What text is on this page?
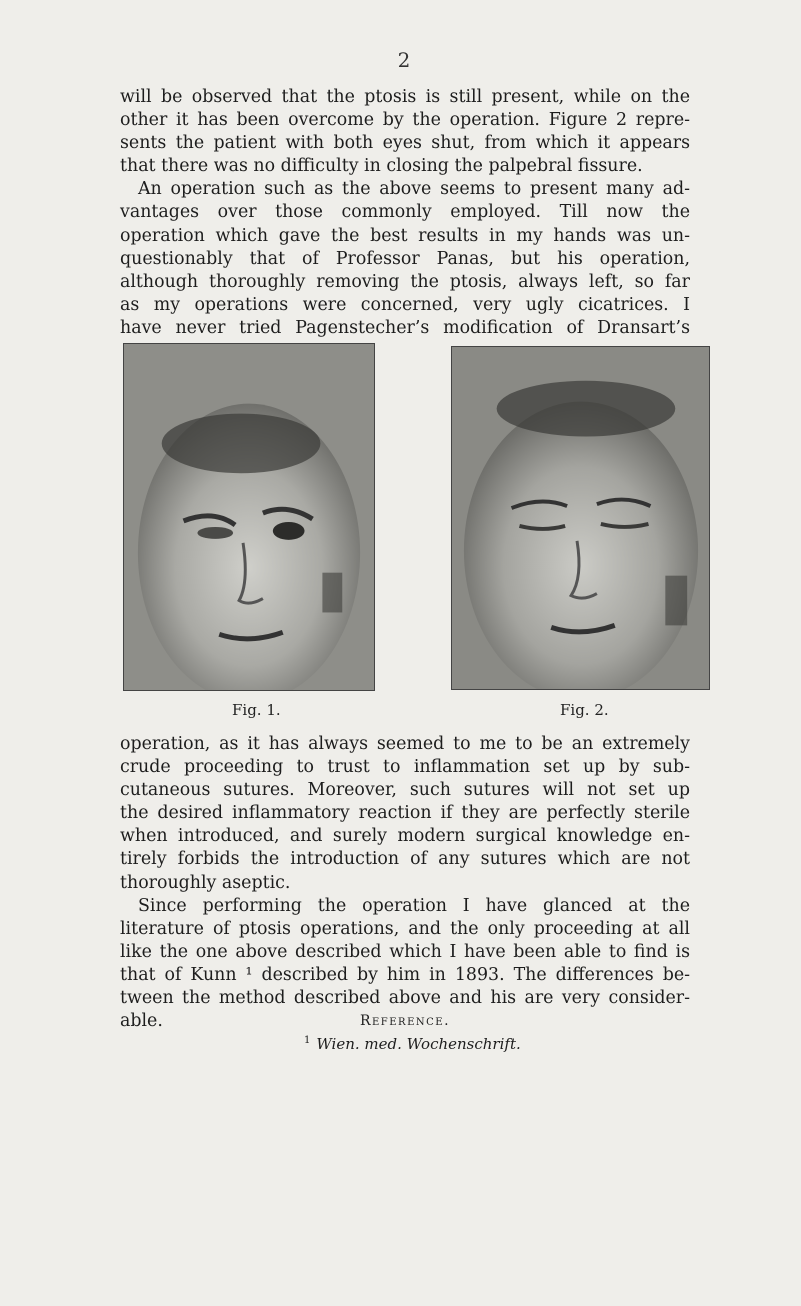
2
will be observed that the ptosis is still present, while on the
other it has been overcome by the operation. Figure 2 repre-
sents the patient with both eyes shut, from which it appears
that there was no difficulty in closing the palpebral fissure.
An operation such as the above seems to present many ad-
vantages over those commonly employed. Till now the
operation which gave the best results in my hands was un-
questionably that of Professor Panas, but his operation,
although thoroughly removing the ptosis, always left, so far
as my operations were concerned, very ugly cicatrices. I
have never tried Pagenstecher’s modification of Dransart’s
Fig. 1.	Fig. 2.
operation, as it has always seemed to me to be an extremely
crude proceeding to trust to inflammation set up by sub-
cutaneous sutures. Moreover, such sutures will not set up
the desired inflammatory reaction if they are perfectly sterile
when introduced, and surely modern surgical knowledge en-
tirely forbids the introduction of any sutures which are not
thoroughly aseptic.
Since performing the operation I have glanced at the
literature of ptosis operations, and the only proceeding at all
like the one above described which I have been able to find is
that of Kunn ¹ described by him in 1893. The differences be-
tween the method described above and his are very consider-
able.	Reference.
$^1$ Wien. med. Wochenschrift.
